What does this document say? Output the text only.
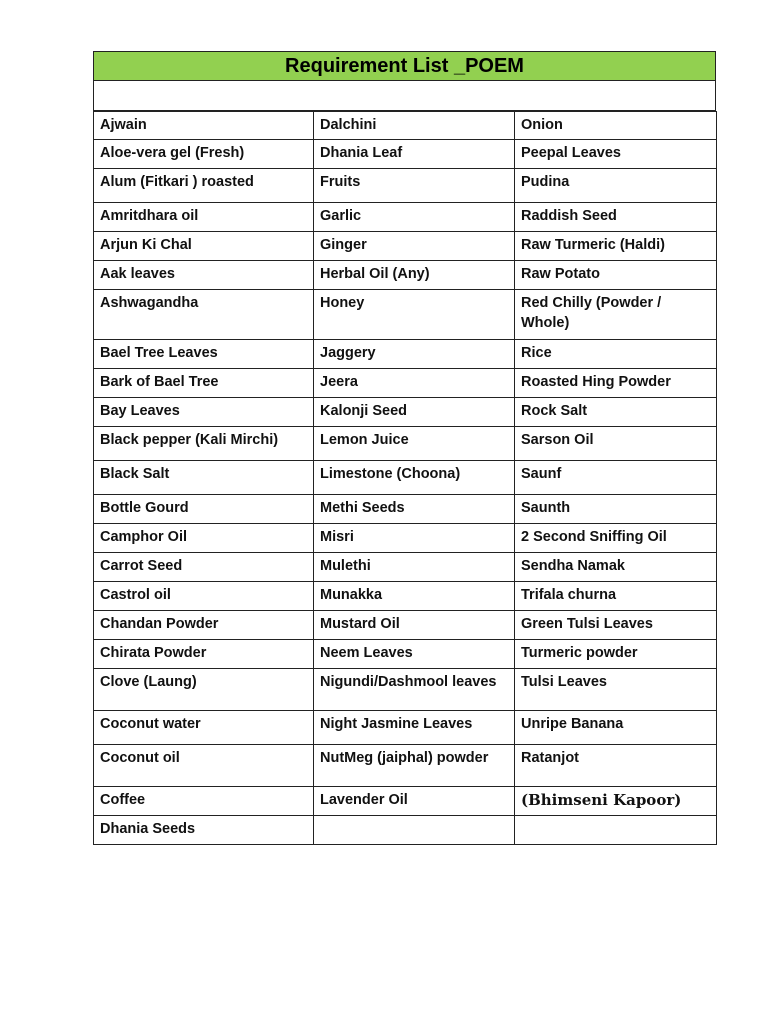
Requirement List _POEM
Ajwain	Dalchini	Onion
Aloe-vera gel (Fresh)	Dhania Leaf	Peepal Leaves
Alum (Fitkari ) roasted	Fruits	Pudina
Amritdhara oil	Garlic	Raddish Seed
Arjun Ki Chal	Ginger	Raw Turmeric (Haldi)
Aak leaves	Herbal Oil (Any)	Raw Potato
Ashwagandha	Honey	Red Chilly (Powder / Whole)
Bael Tree Leaves	Jaggery	Rice
Bark of Bael Tree	Jeera	Roasted Hing Powder
Bay Leaves	Kalonji Seed	Rock Salt
Black pepper (Kali Mirchi)	Lemon Juice	Sarson Oil
Black Salt	Limestone (Choona)	Saunf
Bottle Gourd	Methi Seeds	Saunth
Camphor Oil	Misri	2 Second Sniffing Oil
Carrot Seed	Mulethi	Sendha Namak
Castrol oil	Munakka	Trifala churna
Chandan Powder	Mustard Oil	Green Tulsi Leaves
Chirata Powder	Neem Leaves	Turmeric powder
Clove (Laung)	Nigundi/Dashmool leaves	Tulsi Leaves
Coconut water	Night Jasmine Leaves	Unripe Banana
Coconut oil	NutMeg (jaiphal) powder	Ratanjot
Coffee	Lavender Oil	(Bhimseni Kapoor)
Dhania Seeds		
